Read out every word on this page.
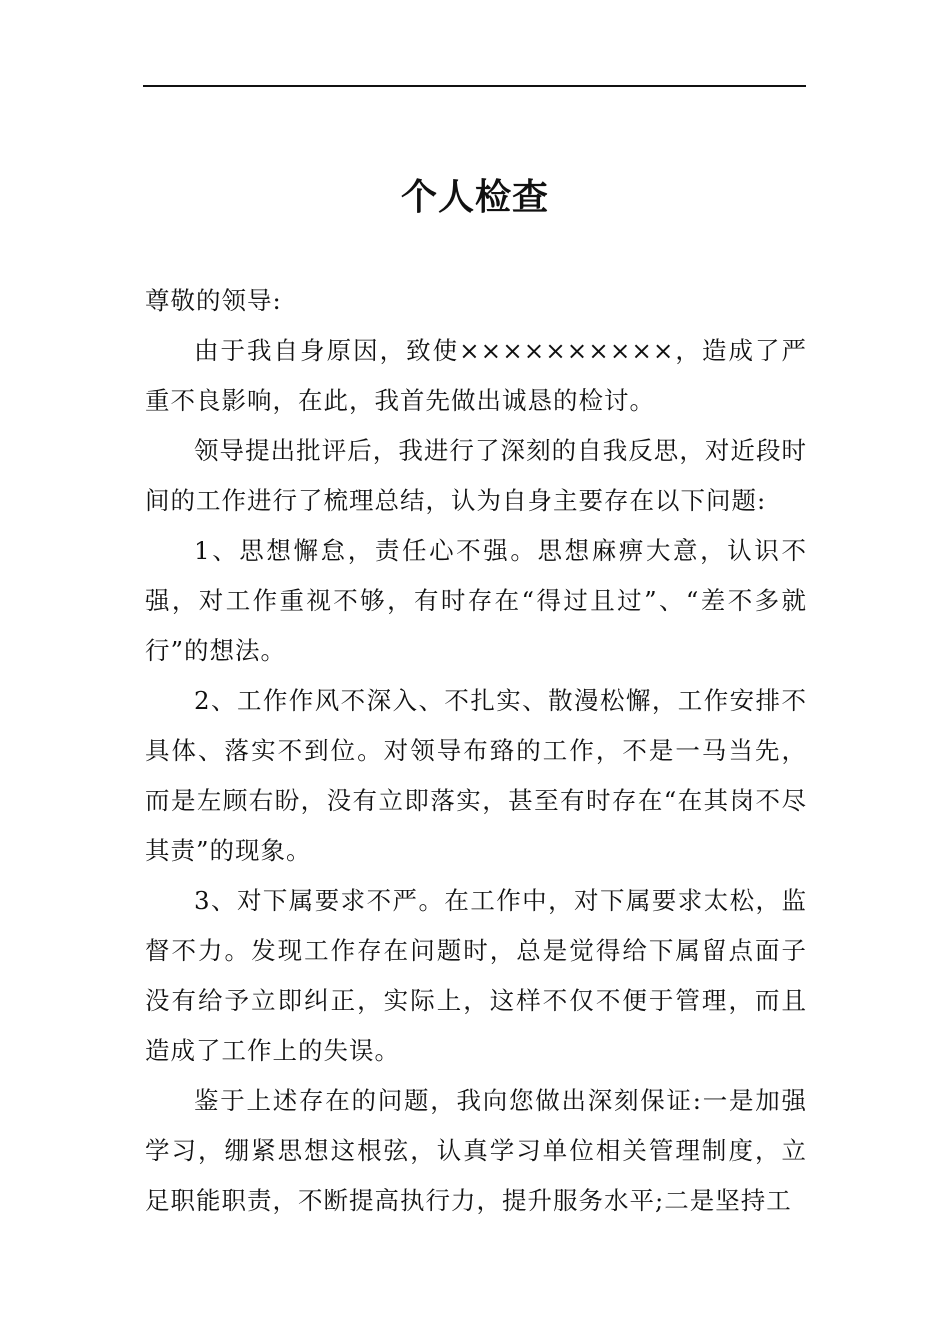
个人检查

尊敬的领导:

由于我自身原因，致使××××××××××，造成了严重不良影响，在此，我首先做出诚恳的检讨。

领导提出批评后，我进行了深刻的自我反思，对近段时间的工作进行了梳理总结，认为自身主要存在以下问题:

1、思想懈怠，责任心不强。思想麻痹大意，认识不强，对工作重视不够，有时存在“得过且过”、“差不多就行”的想法。

2、工作作风不深入、不扎实、散漫松懈，工作安排不具体、落实不到位。对领导布臵的工作，不是一马当先，而是左顾右盼，没有立即落实，甚至有时存在“在其岗不尽其责”的现象。

3、对下属要求不严。在工作中，对下属要求太松，监督不力。发现工作存在问题时，总是觉得给下属留点面子没有给予立即纠正，实际上，这样不仅不便于管理，而且造成了工作上的失误。

鉴于上述存在的问题，我向您做出深刻保证:一是加强学习，绷紧思想这根弦，认真学习单位相关管理制度，立足职能职责，不断提高执行力，提升服务水平;二是坚持工
